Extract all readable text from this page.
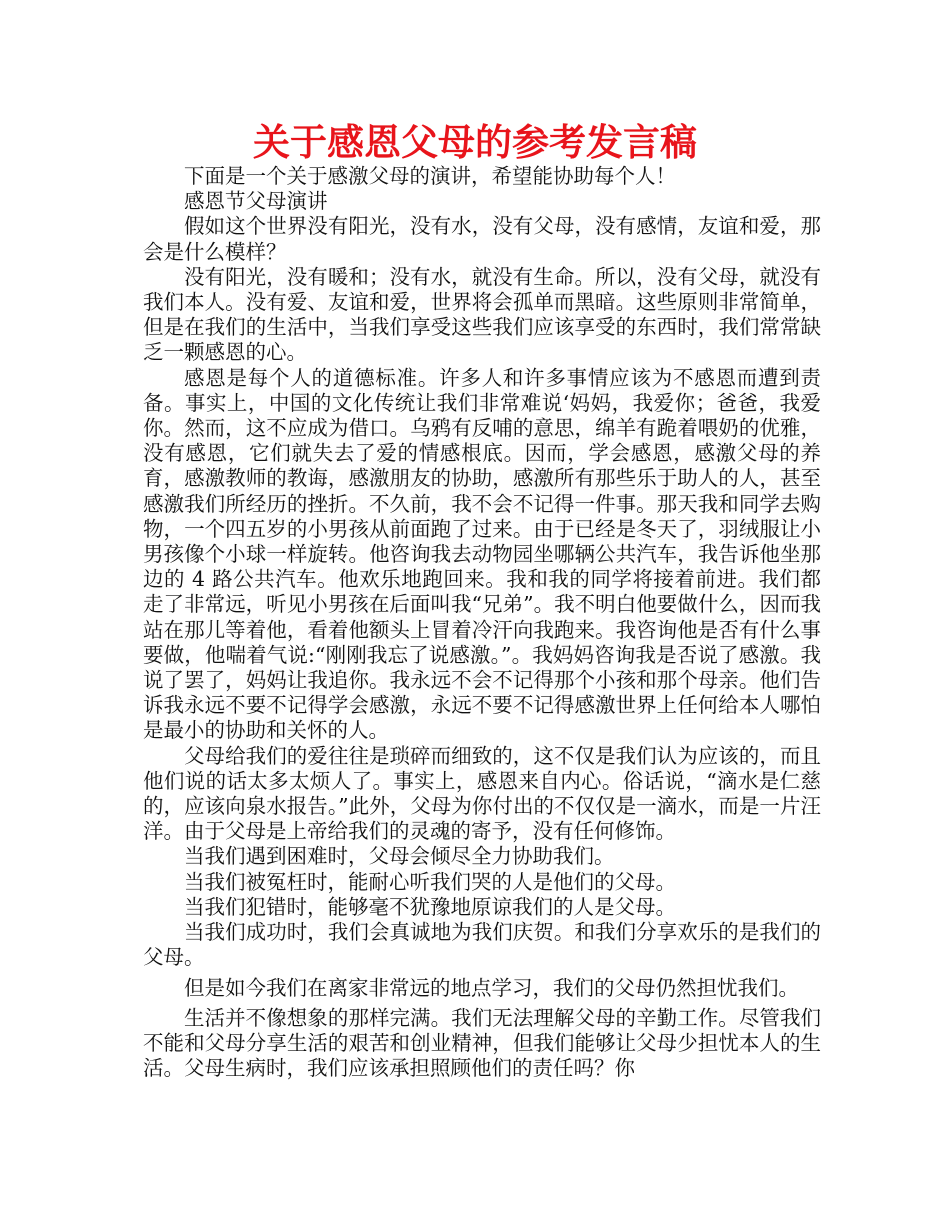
关于感恩父母的参考发言稿

下面是一个关于感激父母的演讲，希望能协助每个人！

感恩节父母演讲

假如这个世界没有阳光，没有水，没有父母，没有感情，友谊和爱，那会是什么模样？

没有阳光，没有暖和；没有水，就没有生命。所以，没有父母，就没有我们本人。没有爱、友谊和爱，世界将会孤单而黑暗。这些原则非常简单，但是在我们的生活中，当我们享受这些我们应该享受的东西时，我们常常缺乏一颗感恩的心。

感恩是每个人的道德标准。许多人和许多事情应该为不感恩而遭到责备。事实上，中国的文化传统让我们非常难说‘妈妈，我爱你；爸爸，我爱你。然而，这不应成为借口。乌鸦有反哺的意思，绵羊有跪着喂奶的优雅，没有感恩，它们就失去了爱的情感根底。因而，学会感恩，感激父母的养育，感激教师的教诲，感激朋友的协助，感激所有那些乐于助人的人，甚至感激我们所经历的挫折。不久前，我不会不记得一件事。那天我和同学去购物，一个四五岁的小男孩从前面跑了过来。由于已经是冬天了，羽绒服让小男孩像个小球一样旋转。他咨询我去动物园坐哪辆公共汽车，我告诉他坐那边的 4 路公共汽车。他欢乐地跑回来。我和我的同学将接着前进。我们都走了非常远，听见小男孩在后面叫我“兄弟”。我不明白他要做什么，因而我站在那儿等着他，看着他额头上冒着冷汗向我跑来。我咨询他是否有什么事要做，他喘着气说:“刚刚我忘了说感激。”。我妈妈咨询我是否说了感激。我说了罢了，妈妈让我追你。我永远不会不记得那个小孩和那个母亲。他们告诉我永远不要不记得学会感激，永远不要不记得感激世界上任何给本人哪怕是最小的协助和关怀的人。

父母给我们的爱往往是琐碎而细致的，这不仅是我们认为应该的，而且他们说的话太多太烦人了。事实上，感恩来自内心。俗话说，“滴水是仁慈的，应该向泉水报告。”此外，父母为你付出的不仅仅是一滴水，而是一片汪洋。由于父母是上帝给我们的灵魂的寄予，没有任何修饰。

当我们遇到困难时，父母会倾尽全力协助我们。

当我们被冤枉时，能耐心听我们哭的人是他们的父母。

当我们犯错时，能够毫不犹豫地原谅我们的人是父母。

当我们成功时，我们会真诚地为我们庆贺。和我们分享欢乐的是我们的父母。

但是如今我们在离家非常远的地点学习，我们的父母仍然担忧我们。

生活并不像想象的那样完满。我们无法理解父母的辛勤工作。尽管我们不能和父母分享生活的艰苦和创业精神，但我们能够让父母少担忧本人的生活。父母生病时，我们应该承担照顾他们的责任吗？你
